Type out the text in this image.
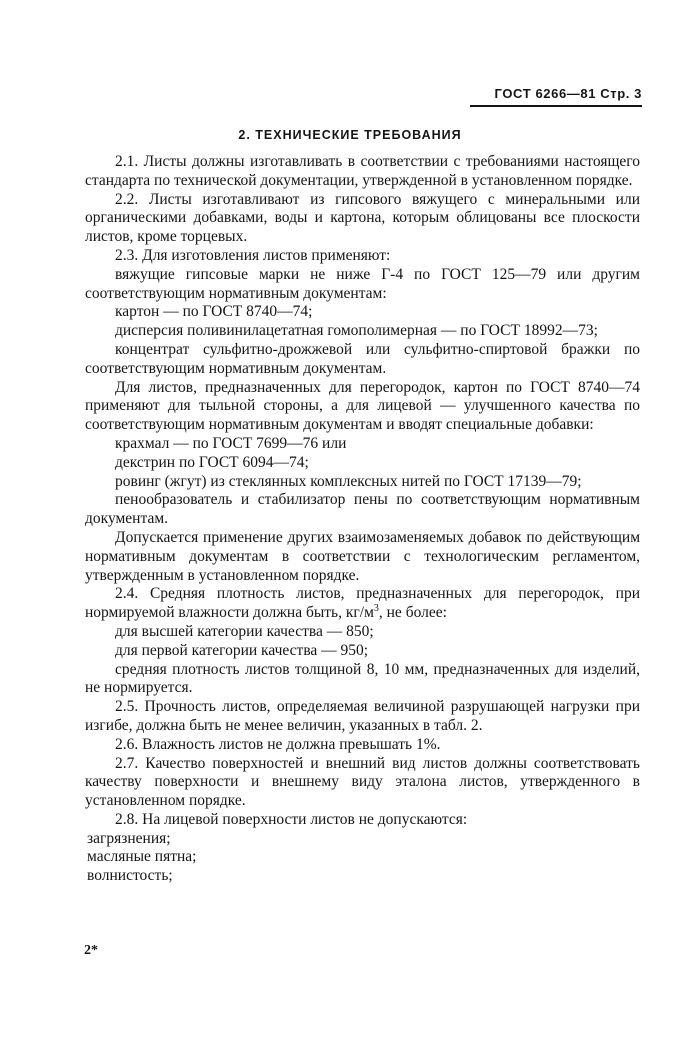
ГОСТ 6266—81 Стр. 3
2. ТЕХНИЧЕСКИЕ ТРЕБОВАНИЯ

2.1. Листы должны изготавливать в соответствии с требованиями настоящего стандарта по технической документации, утвержденной в установленном порядке.

2.2. Листы изготавливают из гипсового вяжущего с минеральными или органическими добавками, воды и картона, которым облицованы все плоскости листов, кроме торцевых.

2.3. Для изготовления листов применяют:

вяжущие гипсовые марки не ниже Г-4 по ГОСТ 125—79 или другим соответствующим нормативным документам:

картон — по ГОСТ 8740—74;

дисперсия поливинилацетатная гомополимерная — по ГОСТ 18992—73;

концентрат сульфитно-дрожжевой или сульфитно-спиртовой бражки по соответствующим нормативным документам.

Для листов, предназначенных для перегородок, картон по ГОСТ 8740—74 применяют для тыльной стороны, а для лицевой — улучшенного качества по соответствующим нормативным документам и вводят специальные добавки:

крахмал — по ГОСТ 7699—76 или

декстрин по ГОСТ 6094—74;

ровинг (жгут) из стеклянных комплексных нитей по ГОСТ 17139—79;

пенообразователь и стабилизатор пены по соответствующим нормативным документам.

Допускается применение других взаимозаменяемых добавок по действующим нормативным документам в соответствии с технологическим регламентом, утвержденным в установленном порядке.

2.4. Средняя плотность листов, предназначенных для перегородок, при нормируемой влажности должна быть, $кг/м^3$, не более:

для высшей категории качества — 850;

для первой категории качества — 950;

средняя плотность листов толщиной 8, 10 мм, предназначенных для изделий, не нормируется.

2.5. Прочность листов, определяемая величиной разрушающей нагрузки при изгибе, должна быть не менее величин, указанных в табл. 2.

2.6. Влажность листов не должна превышать 1%.

2.7. Качество поверхностей и внешний вид листов должны соответствовать качеству поверхности и внешнему виду эталона листов, утвержденного в установленном порядке.

2.8. На лицевой поверхности листов не допускаются:

загрязнения;

масляные пятна;

волнистость;

2*
